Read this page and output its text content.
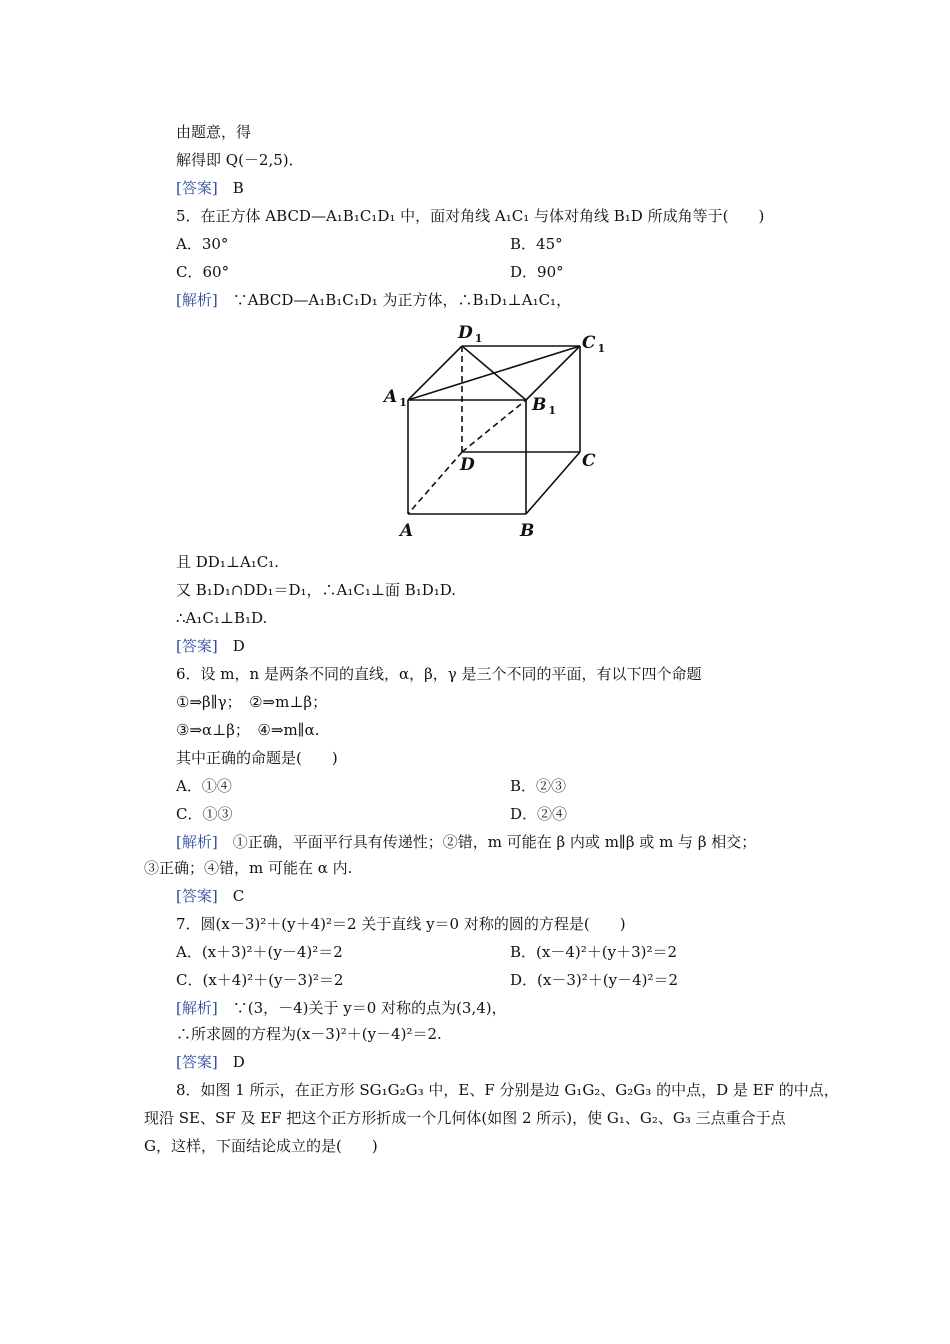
由题意，得
解得即 Q(－2,5)．
[答案]　 B
5．在正方体 ABCD—A₁B₁C₁D₁ 中，面对角线 A₁C₁ 与体对角线 B₁D 所成角等于(　　)
A．30°	B．45°
C．60°	D．90°
[解析]　 ∵ABCD—A₁B₁C₁D₁ 为正方体，∴B₁D₁⊥A₁C₁，
D $_1$	C $_1$
A $_1$	B $_1$
D	C
A	B
且 DD₁⊥A₁C₁.
又 B₁D₁∩DD₁＝D₁，∴A₁C₁⊥面 B₁D₁D.
∴A₁C₁⊥B₁D.
[答案]　 D
6．设 m，n 是两条不同的直线，α，β，γ 是三个不同的平面，有以下四个命题
①⇒β∥γ；　②⇒m⊥β；
③⇒α⊥β；　④⇒m∥α.
其中正确的命题是(　　)
A．①④	B．②③
C．①③	D．②④
[解析]　 ①正确，平面平行具有传递性；②错，m 可能在 β 内或 m∥β 或 m 与 β 相交；
③正确；④错，m 可能在 α 内.
[答案]　 C
7．圆(x－3)²＋(y＋4)²＝2 关于直线 y＝0 对称的圆的方程是(　　)
A．(x＋3)²＋(y－4)²＝2	B．(x－4)²＋(y＋3)²＝2
C．(x＋4)²＋(y－3)²＝2	D．(x－3)²＋(y－4)²＝2
[解析]　 ∵(3，－4)关于 y＝0 对称的点为(3,4)，
∴所求圆的方程为(x－3)²＋(y－4)²＝2.
[答案]　 D
8．如图 1 所示，在正方形 SG₁G₂G₃ 中，E、F 分别是边 G₁G₂、G₂G₃ 的中点，D 是 EF 的中点，
现沿 SE、SF 及 EF 把这个正方形折成一个几何体(如图 2 所示)，使 G₁、G₂、G₃ 三点重合于点
G，这样，下面结论成立的是(　　)
